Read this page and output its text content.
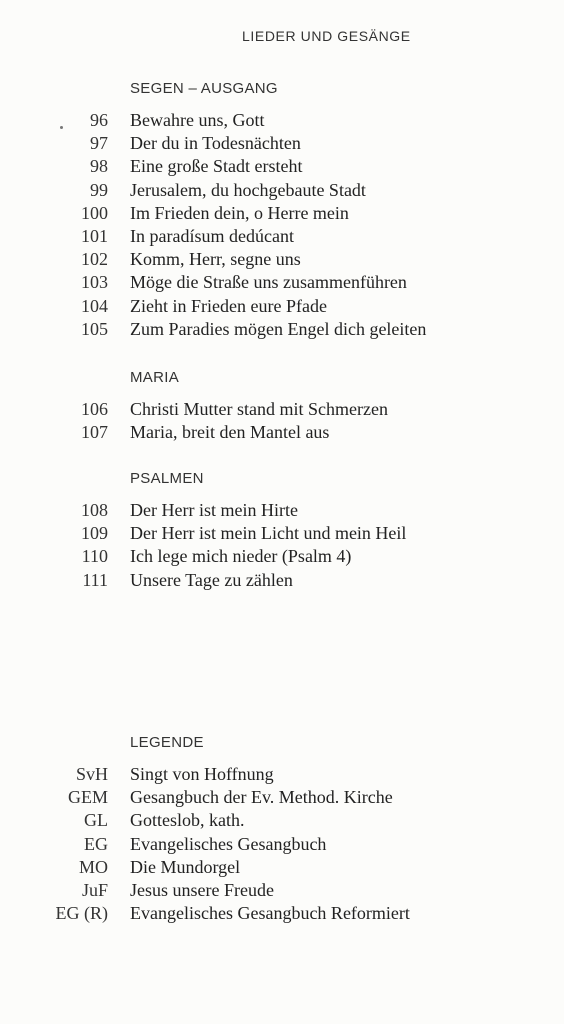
LIEDER UND GESÄNGE
SEGEN – AUSGANG
96 Bewahre uns, Gott
97 Der du in Todesnächten
98 Eine große Stadt ersteht
99 Jerusalem, du hochgebaute Stadt
100 Im Frieden dein, o Herre mein
101 In paradísum dedúcant
102 Komm, Herr, segne uns
103 Möge die Straße uns zusammenführen
104 Zieht in Frieden eure Pfade
105 Zum Paradies mögen Engel dich geleiten
MARIA
106 Christi Mutter stand mit Schmerzen
107 Maria, breit den Mantel aus
PSALMEN
108 Der Herr ist mein Hirte
109 Der Herr ist mein Licht und mein Heil
110 Ich lege mich nieder (Psalm 4)
111 Unsere Tage zu zählen
LEGENDE
SvH Singt von Hoffnung
GEM Gesangbuch der Ev. Method. Kirche
GL Gotteslob, kath.
EG Evangelisches Gesangbuch
MO Die Mundorgel
JuF Jesus unsere Freude
EG (R) Evangelisches Gesangbuch Reformiert
